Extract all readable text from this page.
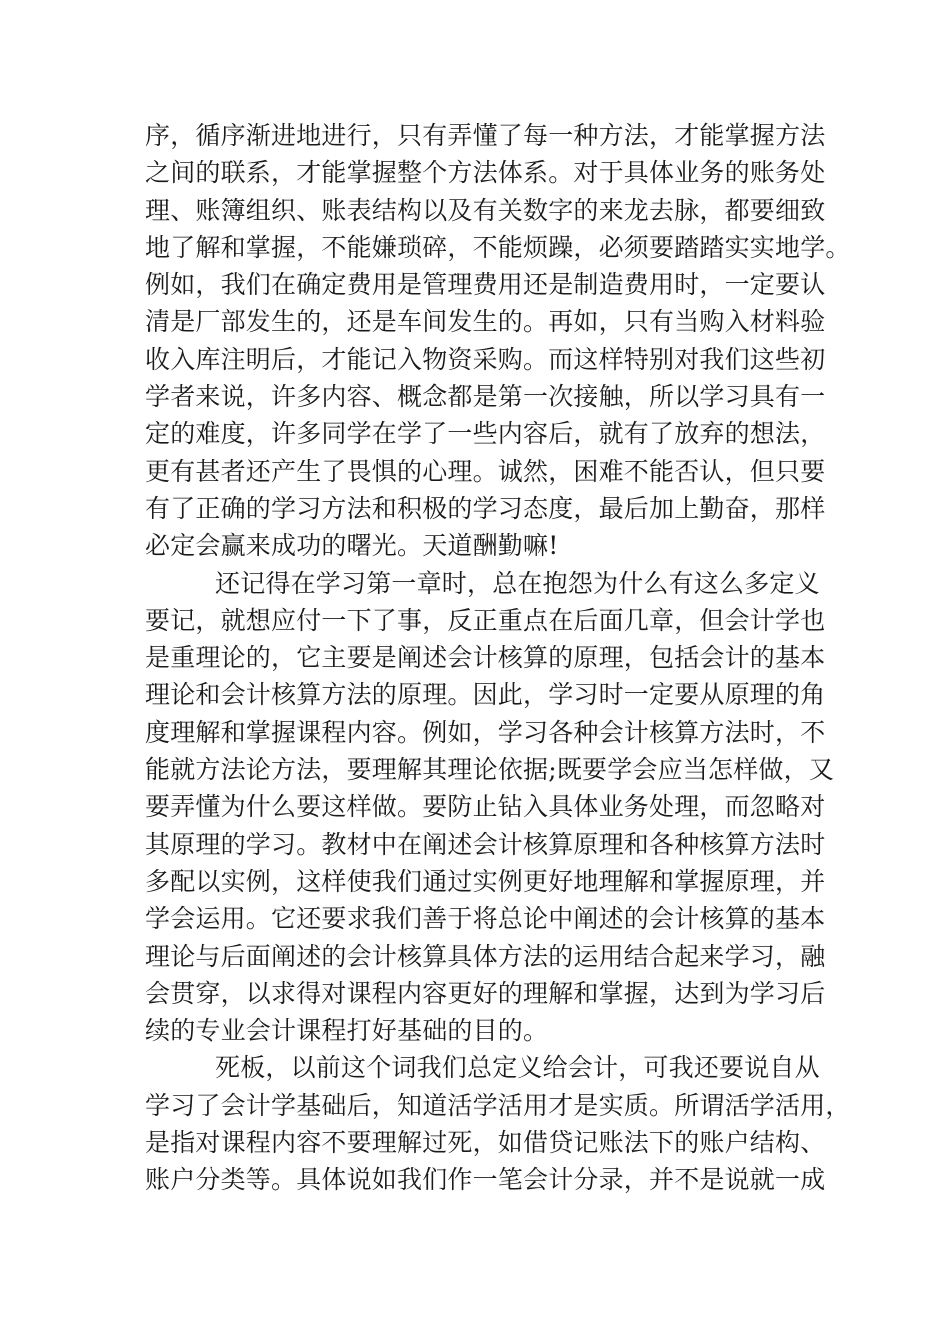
序，循序渐进地进行，只有弄懂了每一种方法，才能掌握方法
之间的联系，才能掌握整个方法体系。对于具体业务的账务处
理、账簿组织、账表结构以及有关数字的来龙去脉，都要细致
地了解和掌握，不能嫌琐碎，不能烦躁，必须要踏踏实实地学。
例如，我们在确定费用是管理费用还是制造费用时，一定要认
清是厂部发生的，还是车间发生的。再如，只有当购入材料验
收入库注明后，才能记入物资采购。而这样特别对我们这些初
学者来说，许多内容、概念都是第一次接触，所以学习具有一
定的难度，许多同学在学了一些内容后，就有了放弃的想法，
更有甚者还产生了畏惧的心理。诚然，困难不能否认，但只要
有了正确的学习方法和积极的学习态度，最后加上勤奋，那样
必定会赢来成功的曙光。天道酬勤嘛!
还记得在学习第一章时，总在抱怨为什么有这么多定义
要记，就想应付一下了事，反正重点在后面几章，但会计学也
是重理论的，它主要是阐述会计核算的原理，包括会计的基本
理论和会计核算方法的原理。因此，学习时一定要从原理的角
度理解和掌握课程内容。例如，学习各种会计核算方法时，不
能就方法论方法，要理解其理论依据;既要学会应当怎样做，又
要弄懂为什么要这样做。要防止钻入具体业务处理，而忽略对
其原理的学习。教材中在阐述会计核算原理和各种核算方法时
多配以实例，这样使我们通过实例更好地理解和掌握原理，并
学会运用。它还要求我们善于将总论中阐述的会计核算的基本
理论与后面阐述的会计核算具体方法的运用结合起来学习，融
会贯穿，以求得对课程内容更好的理解和掌握，达到为学习后
续的专业会计课程打好基础的目的。
死板，以前这个词我们总定义给会计，可我还要说自从
学习了会计学基础后，知道活学活用才是实质。所谓活学活用，
是指对课程内容不要理解过死，如借贷记账法下的账户结构、
账户分类等。具体说如我们作一笔会计分录，并不是说就一成
